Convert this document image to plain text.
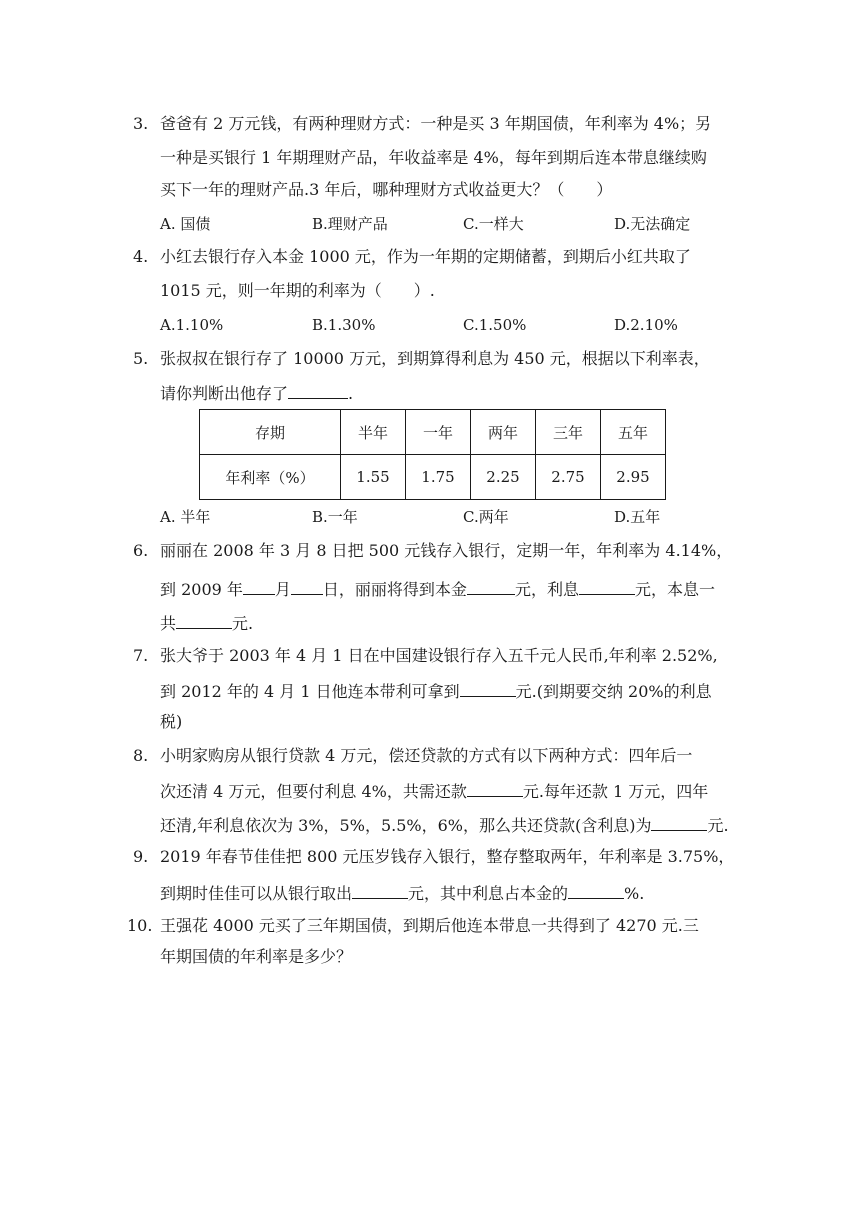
3. 爸爸有 2 万元钱，有两种理财方式：一种是买 3 年期国债，年利率为 4%；另
一种是买银行 1 年期理财产品，年收益率是 4%，每年到期后连本带息继续购
买下一年的理财产品.3 年后，哪种理财方式收益更大？（　　）
A. 国债	B.理财产品	C.一样大	D.无法确定
4. 小红去银行存入本金 1000 元，作为一年期的定期储蓄，到期后小红共取了
1015 元，则一年期的利率为（　　）.
A.1.10%	B.1.30%	C.1.50%	D.2.10%
5. 张叔叔在银行存了 10000 万元，到期算得利息为 450 元，根据以下利率表，
请你判断出他存了	.
存期	半年	一年	两年	三年	五年
年利率（%）	1.55	1.75	2.25	2.75	2.95
A. 半年	B.一年	C.两年	D.五年
6. 丽丽在 2008 年 3 月 8 日把 500 元钱存入银行，定期一年，年利率为 4.14%，
到 2009 年 月 日，丽丽将得到本金	元，利息	元，本息一
共	元.
7. 张大爷于 2003 年 4 月 1 日在中国建设银行存入五千元人民币,年利率 2.52%,
到 2012 年的 4 月 1 日他连本带利可拿到	元.(到期要交纳 20%的利息
税)
8. 小明家购房从银行贷款 4 万元，偿还贷款的方式有以下两种方式：四年后一
次还清 4 万元，但要付利息 4%，共需还款	元.每年还款 1 万元，四年
还清,年利息依次为 3%，5%，5.5%，6%，那么共还贷款(含利息)为	元.
9. 2019 年春节佳佳把 800 元压岁钱存入银行，整存整取两年，年利率是 3.75%，
到期时佳佳可以从银行取出	元，其中利息占本金的	%.
10. 王强花 4000 元买了三年期国债，到期后他连本带息一共得到了 4270 元.三
年期国债的年利率是多少？
